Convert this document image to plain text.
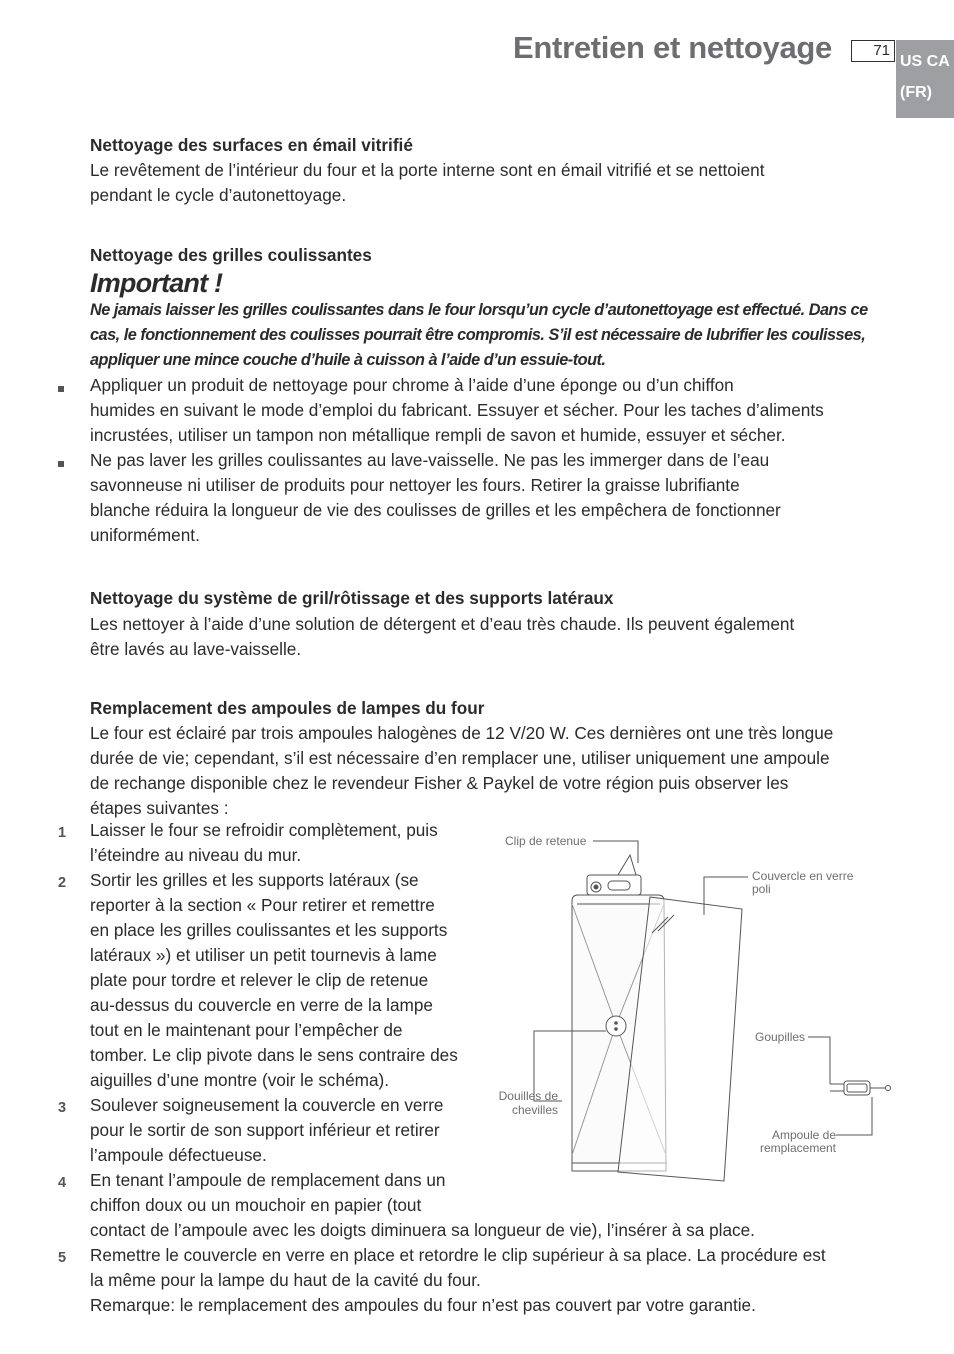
Entretien et nettoyage	71
US CA
(FR)
Nettoyage des surfaces en émail vitrifié
Le revêtement de l’intérieur du four et la porte interne sont en émail vitrifié et se nettoient
pendant le cycle d’autonettoyage.
Nettoyage des grilles coulissantes
Important !
Ne jamais laisser les grilles coulissantes dans le four lorsqu’un cycle d’autonettoyage est effectué. Dans ce
cas, le fonctionnement des coulisses pourrait être compromis. S’il est nécessaire de lubrifier les coulisses,
appliquer une mince couche d’huile à cuisson à l’aide d’un essuie-tout.
Appliquer un produit de nettoyage pour chrome à l’aide d’une éponge ou d’un chiffon
humides en suivant le mode d’emploi du fabricant. Essuyer et sécher. Pour les taches d’aliments
incrustées, utiliser un tampon non métallique rempli de savon et humide, essuyer et sécher.
Ne pas laver les grilles coulissantes au lave-vaisselle. Ne pas les immerger dans de l’eau
savonneuse ni utiliser de produits pour nettoyer les fours. Retirer la graisse lubrifiante
blanche réduira la longueur de vie des coulisses de grilles et les empêchera de fonctionner
uniformément.
Nettoyage du système de gril/rôtissage et des supports latéraux
Les nettoyer à l’aide d’une solution de détergent et d’eau très chaude. Ils peuvent également
être lavés au lave-vaisselle.
Remplacement des ampoules de lampes du four
Le four est éclairé par trois ampoules halogènes de 12 V/20 W. Ces dernières ont une très longue
durée de vie; cependant, s’il est nécessaire d’en remplacer une, utiliser uniquement une ampoule
de rechange disponible chez le revendeur Fisher & Paykel de votre région puis observer les
étapes suivantes :
1 Laisser le four se refroidir complètement, puis
l’éteindre au niveau du mur.
2 Sortir les grilles et les supports latéraux (se
reporter à la section « Pour retirer et remettre
en place les grilles coulissantes et les supports
latéraux ») et utiliser un petit tournevis à lame
plate pour tordre et relever le clip de retenue
au-dessus du couvercle en verre de la lampe
tout en le maintenant pour l’empêcher de
tomber. Le clip pivote dans le sens contraire des
aiguilles d’une montre (voir le schéma).
3 Soulever soigneusement la couvercle en verre
pour le sortir de son support inférieur et retirer
l’ampoule défectueuse.
4 En tenant l’ampoule de remplacement dans un
chiffon doux ou un mouchoir en papier (tout
contact de l’ampoule avec les doigts diminuera sa longueur de vie), l’insérer à sa place.
5 Remettre le couvercle en verre en place et retordre le clip supérieur à sa place. La procédure est
la même pour la lampe du haut de la cavité du four.
Remarque: le remplacement des ampoules du four n’est pas couvert par votre garantie.
Clip de retenue
Couvercle en verre
poli
Goupilles
Douilles de
chevilles
Ampoule de
remplacement
